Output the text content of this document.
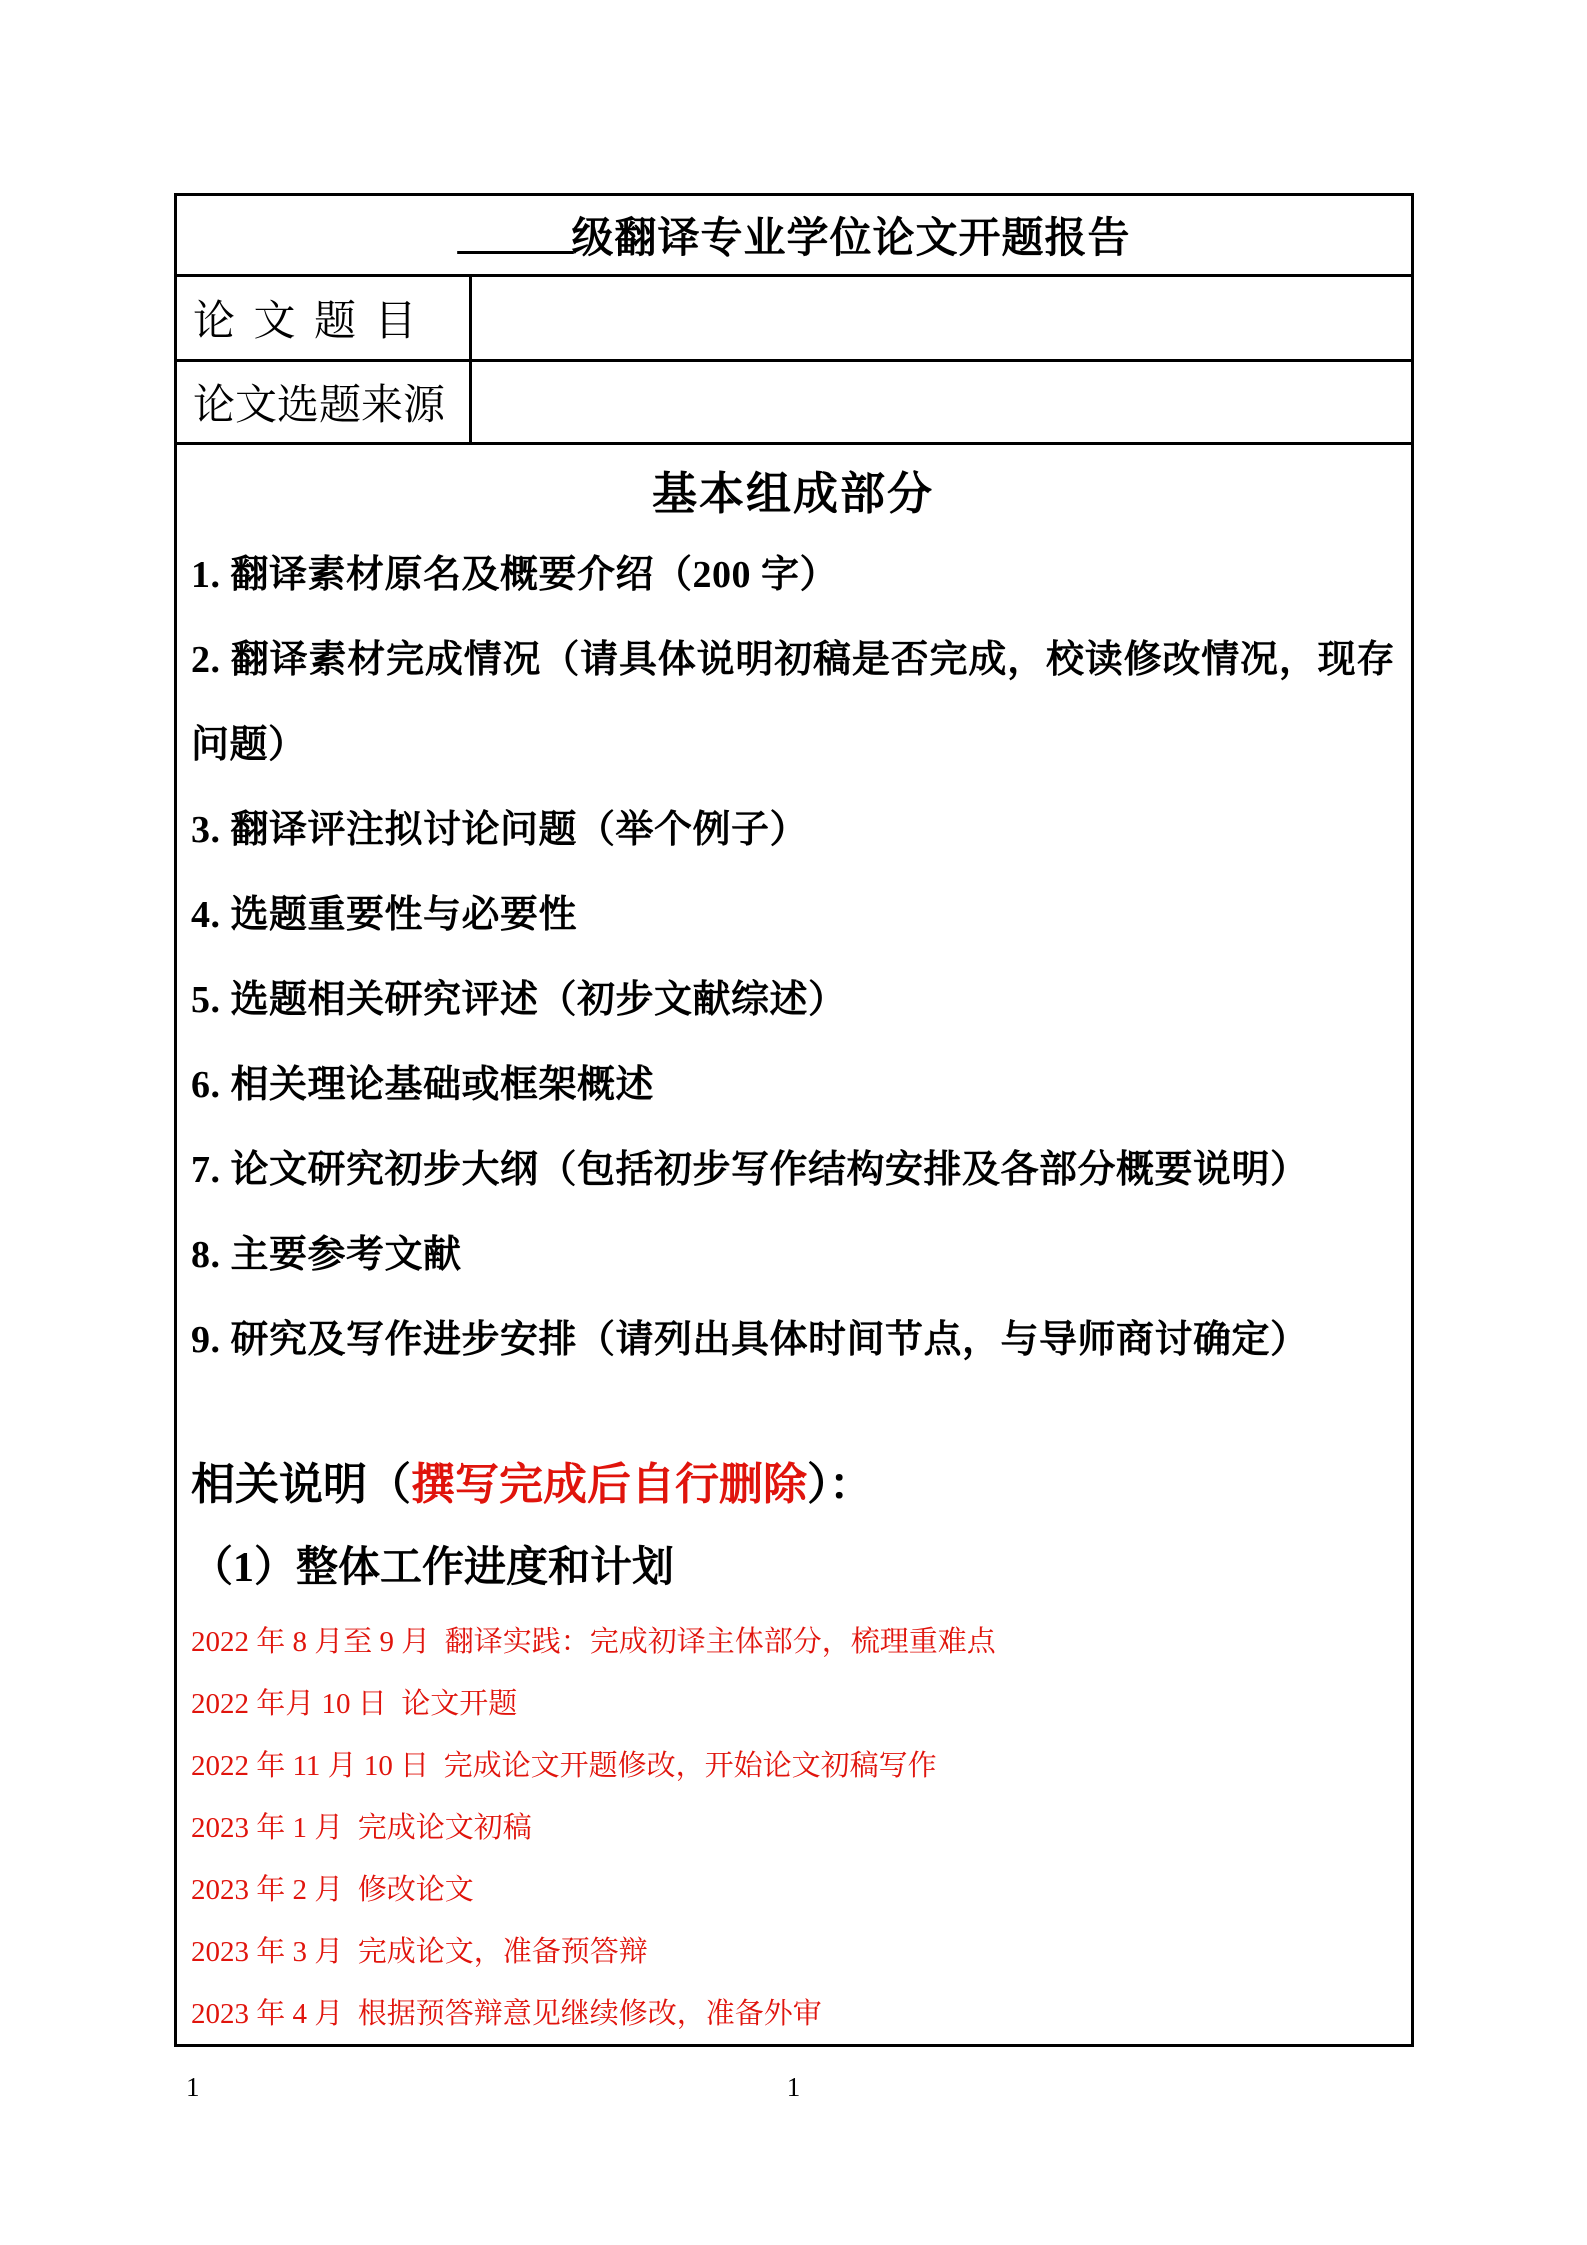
______ 级翻译专业学位论文开题报告
论 文 题 目
论文选题来源

基本组成部分

1. 翻译素材原名及概要介绍（200 字）

2. 翻译素材完成情况（请具体说明初稿是否完成，校读修改情况，现存问题）

3. 翻译评注拟讨论问题（举个例子）

4. 选题重要性与必要性

5. 选题相关研究评述（初步文献综述）

6. 相关理论基础或框架概述

7. 论文研究初步大纲（包括初步写作结构安排及各部分概要说明）

8. 主要参考文献

9. 研究及写作进步安排（请列出具体时间节点，与导师商讨确定）

相关说明（撰写完成后自行删除）：

（1）整体工作进度和计划

2022 年 8 月至 9 月  翻译实践：完成初译主体部分，梳理重难点

2022 年月 10 日  论文开题

2022 年 11 月 10 日  完成论文开题修改，开始论文初稿写作

2023 年 1 月  完成论文初稿

2023 年 2 月  修改论文

2023 年 3 月  完成论文，准备预答辩

2023 年 4 月  根据预答辩意见继续修改，准备外审

1	1
